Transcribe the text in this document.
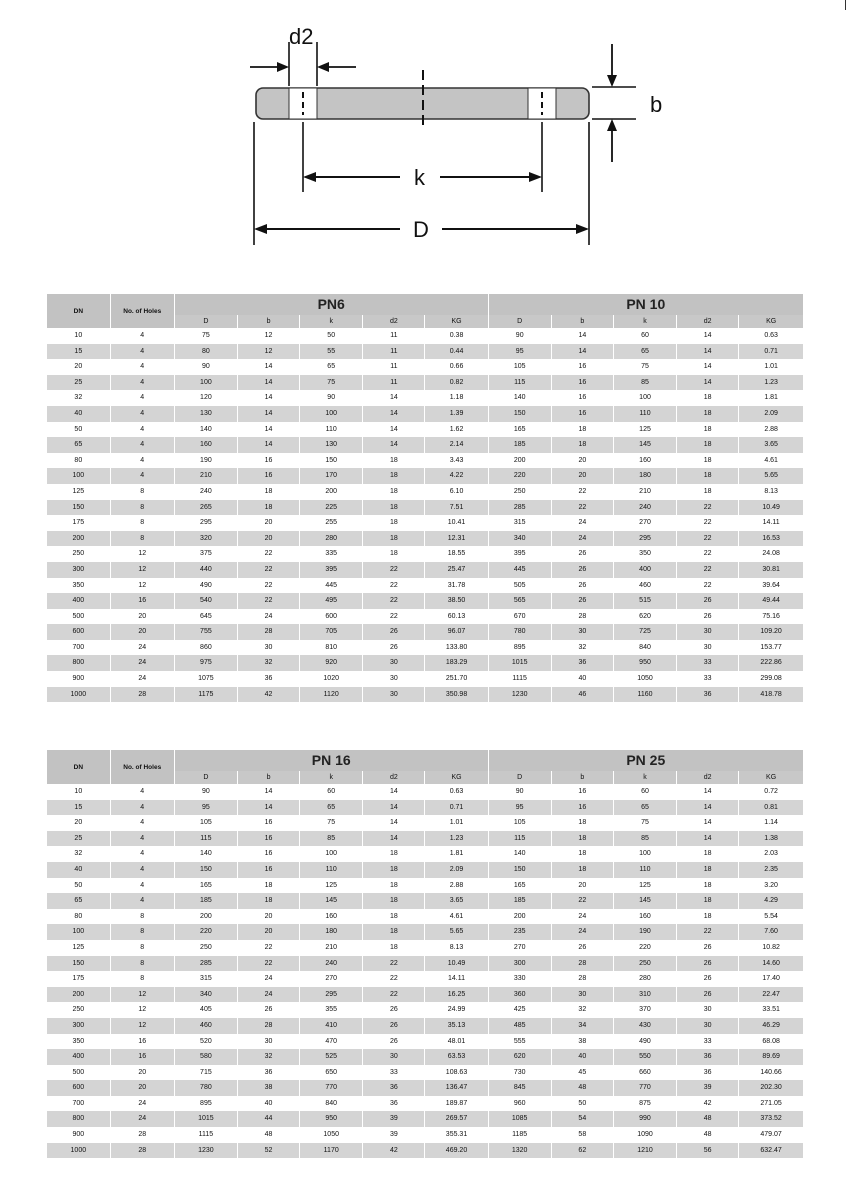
d2
b
k
D
DN	No. of Holes	PN6					PN 10				
		D	b	k	d2	KG	D	b	k	d2	KG
10	4	75	12	50	11	0.38	90	14	60	14	0.63
15	4	80	12	55	11	0.44	95	14	65	14	0.71
20	4	90	14	65	11	0.66	105	16	75	14	1.01
25	4	100	14	75	11	0.82	115	16	85	14	1.23
32	4	120	14	90	14	1.18	140	16	100	18	1.81
40	4	130	14	100	14	1.39	150	16	110	18	2.09
50	4	140	14	110	14	1.62	165	18	125	18	2.88
65	4	160	14	130	14	2.14	185	18	145	18	3.65
80	4	190	16	150	18	3.43	200	20	160	18	4.61
100	4	210	16	170	18	4.22	220	20	180	18	5.65
125	8	240	18	200	18	6.10	250	22	210	18	8.13
150	8	265	18	225	18	7.51	285	22	240	22	10.49
175	8	295	20	255	18	10.41	315	24	270	22	14.11
200	8	320	20	280	18	12.31	340	24	295	22	16.53
250	12	375	22	335	18	18.55	395	26	350	22	24.08
300	12	440	22	395	22	25.47	445	26	400	22	30.81
350	12	490	22	445	22	31.78	505	26	460	22	39.64
400	16	540	22	495	22	38.50	565	26	515	26	49.44
500	20	645	24	600	22	60.13	670	28	620	26	75.16
600	20	755	28	705	26	96.07	780	30	725	30	109.20
700	24	860	30	810	26	133.80	895	32	840	30	153.77
800	24	975	32	920	30	183.29	1015	36	950	33	222.86
900	24	1075	36	1020	30	251.70	1115	40	1050	33	299.08
1000	28	1175	42	1120	30	350.98	1230	46	1160	36	418.78
DN	No. of Holes	PN 16					PN 25				
		D	b	k	d2	KG	D	b	k	d2	KG
10	4	90	14	60	14	0.63	90	16	60	14	0.72
15	4	95	14	65	14	0.71	95	16	65	14	0.81
20	4	105	16	75	14	1.01	105	18	75	14	1.14
25	4	115	16	85	14	1.23	115	18	85	14	1.38
32	4	140	16	100	18	1.81	140	18	100	18	2.03
40	4	150	16	110	18	2.09	150	18	110	18	2.35
50	4	165	18	125	18	2.88	165	20	125	18	3.20
65	4	185	18	145	18	3.65	185	22	145	18	4.29
80	8	200	20	160	18	4.61	200	24	160	18	5.54
100	8	220	20	180	18	5.65	235	24	190	22	7.60
125	8	250	22	210	18	8.13	270	26	220	26	10.82
150	8	285	22	240	22	10.49	300	28	250	26	14.60
175	8	315	24	270	22	14.11	330	28	280	26	17.40
200	12	340	24	295	22	16.25	360	30	310	26	22.47
250	12	405	26	355	26	24.99	425	32	370	30	33.51
300	12	460	28	410	26	35.13	485	34	430	30	46.29
350	16	520	30	470	26	48.01	555	38	490	33	68.08
400	16	580	32	525	30	63.53	620	40	550	36	89.69
500	20	715	36	650	33	108.63	730	45	660	36	140.66
600	20	780	38	770	36	136.47	845	48	770	39	202.30
700	24	895	40	840	36	189.87	960	50	875	42	271.05
800	24	1015	44	950	39	269.57	1085	54	990	48	373.52
900	28	1115	48	1050	39	355.31	1185	58	1090	48	479.07
1000	28	1230	52	1170	42	469.20	1320	62	1210	56	632.47
